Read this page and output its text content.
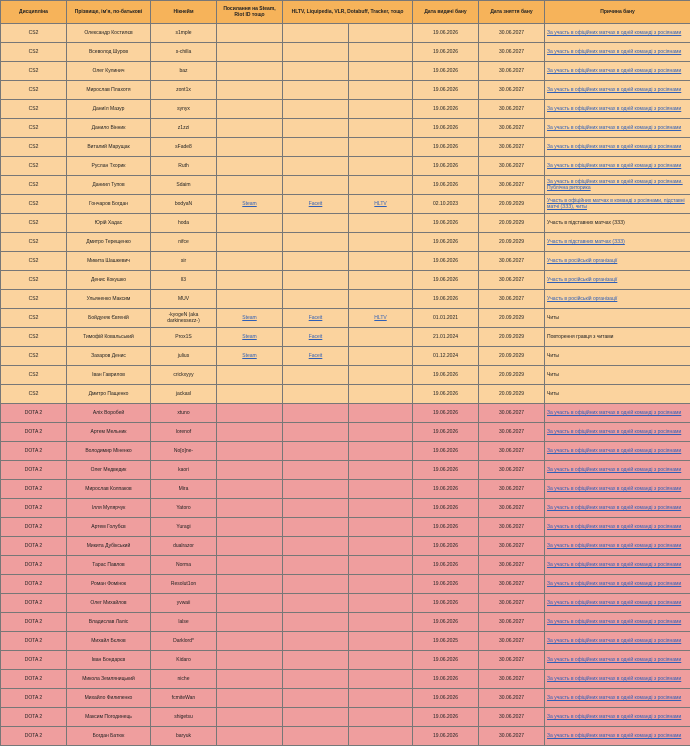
Дисципліна	Прізвище, ім'я, по-батькові	Нікнейм	Посилання на Steam, Riot ID тощо	HLTV, Liquipedia, VLR, Dotabuff, Tracker, тощо		Дата видачі бану	Дата зняття бану	Причина бану
CS2	Олександр Костилєв	s1mple				19.06.2026	30.06.2027	За участь в офіційних матчах в одній команді з росіянами
CS2	Всеволод Шуров	s-chilla				19.06.2026	30.06.2027	За участь в офіційних матчах в одній команді з росіянами
CS2	Олег Кулинич	baz				19.06.2026	30.06.2027	За участь в офіційних матчах в одній команді з росіянами
CS2	Мирослав Плахотя	zont1x				19.06.2026	30.06.2027	За участь в офіційних матчах в одній команді з росіянами
CS2	Даниїл Мазур	synyx				19.06.2026	30.06.2027	За участь в офіційних матчах в одній команді з росіянами
CS2	Данило Вінник	z1zzi				19.06.2026	30.06.2027	За участь в офіційних матчах в одній команді з росіянами
CS2	Виталий Марущак	sFade8				19.06.2026	30.06.2027	За участь в офіційних матчах в одній команді з росіянами
CS2	Руслан Тхорик	Ruth				19.06.2026	30.06.2027	За участь в офіційних матчах в одній команді з росіянами
CS2	Даниил Тупов	Sdaim				19.06.2026	30.06.2027	За участь в офіційних матчах в одній команді з росіянами. Публічна риторика
CS2	Гончаров Богдан	bodyaN	Steam	Faceit	HLTV	02.10.2023	20.09.2029	Участь в офіційних матчах в команді з росіянами, підставні матчі (ЗЗЗ), читы
CS2	Юрій Хадас	hoda				19.06.2026	20.09.2029	Участь в підставних матчах (ЗЗЗ)
CS2	Дмитро Терещенко	nifce				19.06.2026	20.09.2029	Участь в підставних матчах (ЗЗЗ)
CS2	Микита Шашкевич	sir				19.06.2026	30.06.2027	Участь в російській організації
CS2	Денис Кокушко	ll3				19.06.2026	30.06.2027	Участь в російській організації
CS2	Ульяненко Максим	MUV				19.06.2026	30.06.2027	Участь в російській організації
CS2	Бойдуняк Євгеній	-kyogeN (aka darkinessezz-)	Steam	Faceit	HLTV	01.01.2021	20.09.2029	Читы
CS2	Тимофій Ковальський	Prox1S	Steam	Faceit		21.01.2024	20.09.2029	Повторення гравця з читами
CS2	Захаров Денис	julius	Steam	Faceit		01.12.2024	20.09.2029	Читы
CS2	Іван Гаврилов	crickxyyy				19.06.2026	20.09.2029	Читы
CS2	Дмитро Пащенко	jackasl				19.06.2026	20.09.2029	Читы
DOTA 2	Аліх Воробей	xtuno				19.06.2026	30.06.2027	За участь в офіційних матчах в одній команді з росіянами
DOTA 2	Артем Мельник	lorenof				19.06.2026	30.06.2027	За участь в офіційних матчах в одній команді з росіянами
DOTA 2	Володимир Міненко	No[o]ne-				19.06.2026	30.06.2027	За участь в офіційних матчах в одній команді з росіянами
DOTA 2	Олег Медведик	kaori				19.06.2026	30.06.2027	За участь в офіційних матчах в одній команді з росіянами
DOTA 2	Мирослав Колпаков	Mira				19.06.2026	30.06.2027	За участь в офіційних матчах в одній команді з росіянами
DOTA 2	Ілля Мулярчук	Yatoro				19.06.2026	30.06.2027	За участь в офіційних матчах в одній команді з росіянами
DOTA 2	Артем Голубєв	Yuragi				19.06.2026	30.06.2027	За участь в офіційних матчах в одній команді з росіянами
DOTA 2	Микита Дубікський	dualrazor				19.06.2026	30.06.2027	За участь в офіційних матчах в одній команді з росіянами
DOTA 2	Тарас Павлов	Norma				19.06.2026	30.06.2027	За участь в офіційних матчах в одній команді з росіянами
DOTA 2	Роман Фомінок	Resolut1on				19.06.2026	30.06.2027	За участь в офіційних матчах в одній команді з росіянами
DOTA 2	Олег Михайлов	yvwaii				19.06.2026	30.06.2027	За участь в офіційних матчах в одній команді з росіянами
DOTA 2	Владислав Лаліс	lalse				19.06.2026	30.06.2027	За участь в офіційних матчах в одній команді з росіянами
DOTA 2	Михайл Бєлюв	Darklord*				19.06.2025	30.06.2027	За участь в офіційних матчах в одній команді з росіянами
DOTA 2	Іван Бондарєв	Kidaro				19.06.2026	30.06.2027	За участь в офіційних матчах в одній команді з росіянами
DOTA 2	Микола Земляницький	niche				19.06.2026	30.06.2027	За участь в офіційних матчах в одній команді з росіянами
DOTA 2	Михайло Филипенко	fcmiteWan				19.06.2026	30.06.2027	За участь в офіційних матчах в одній команді з росіянами
DOTA 2	Максим Погодинець	shigetsu				19.06.2026	30.06.2027	За участь в офіційних матчах в одній команді з росіянами
DOTA 2	Богдан Батюк	baryuk				19.06.2026	30.06.2027	За участь в офіційних матчах в одній команді з росіянами
